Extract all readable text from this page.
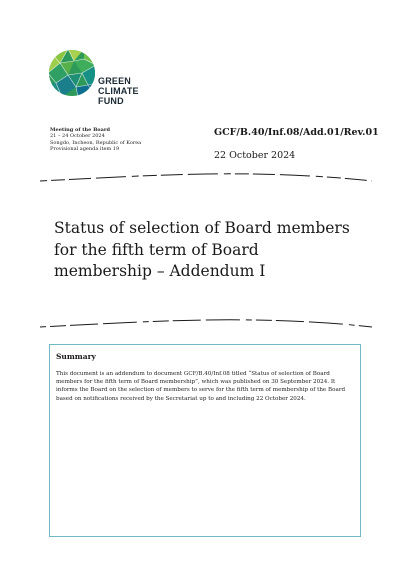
GREEN
CLIMATE
FUND
Meeting of the Board
21 – 24 October 2024
Songdo, Incheon, Republic of Korea
Provisional agenda item 19
GCF/B.40/Inf.08/Add.01/Rev.01
22 October 2024
Status of selection of Board members
for the fifth term of Board
membership – Addendum I
Summary
This document is an addendum to document GCF/B.40/Inf.08 titled “Status of selection of Board members for the fifth term of Board membership”, which was published on 30 September 2024. It informs the Board on the selection of members to serve for the fifth term of membership of the Board based on notifications received by the Secretariat up to and including 22 October 2024.
